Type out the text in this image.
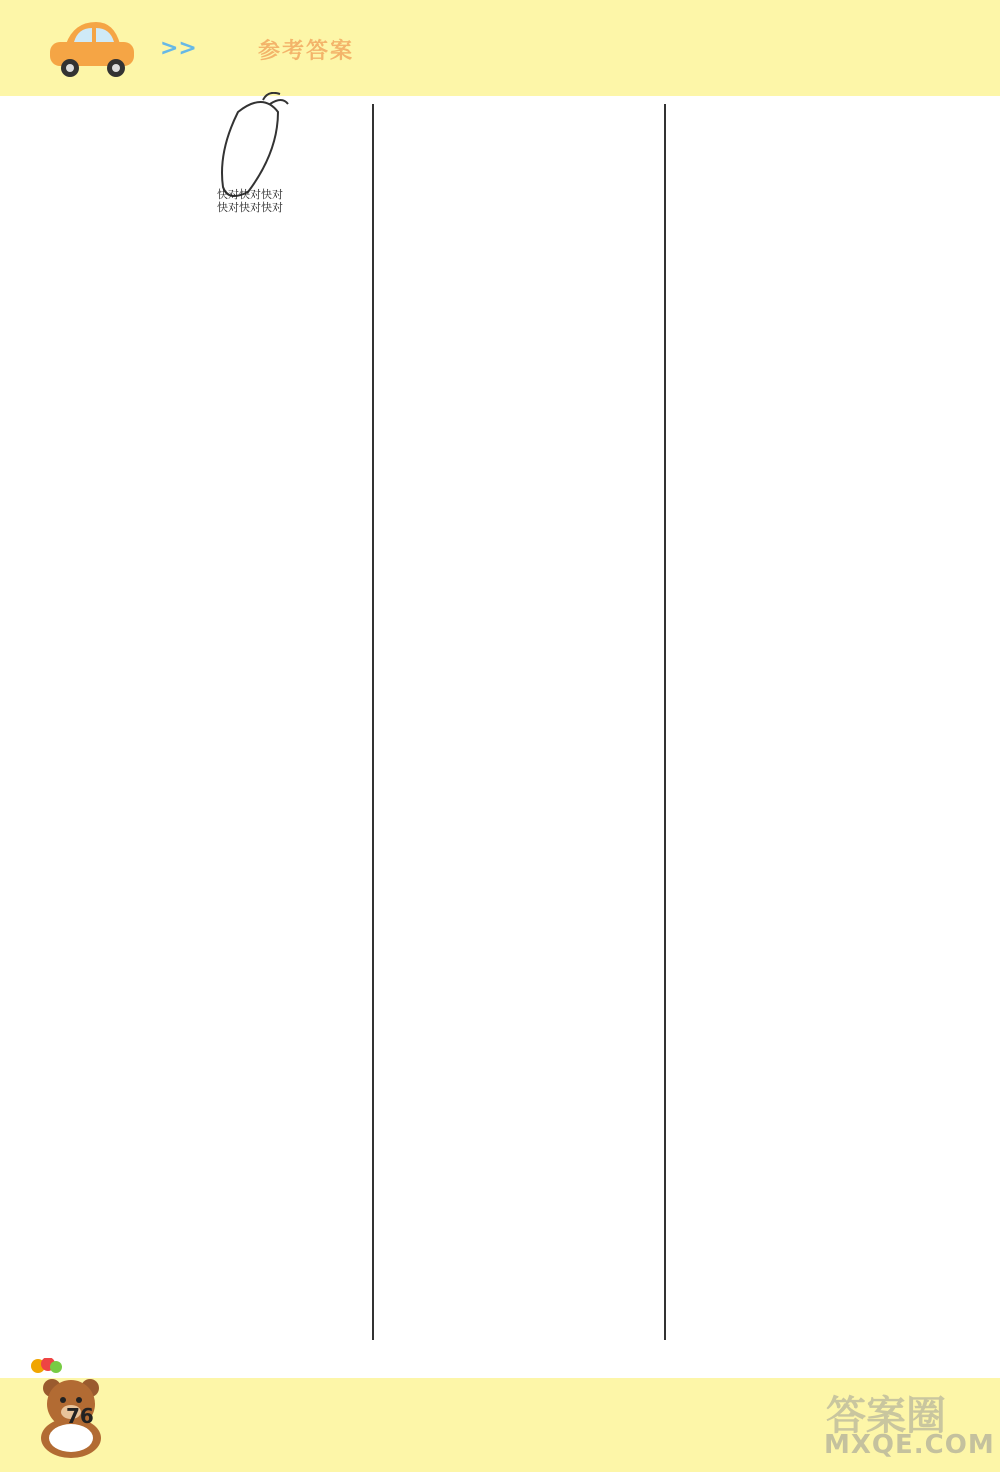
>>	参考答案
快对快对快对
快对快对快对
76	答案圈
MXQE.COM
